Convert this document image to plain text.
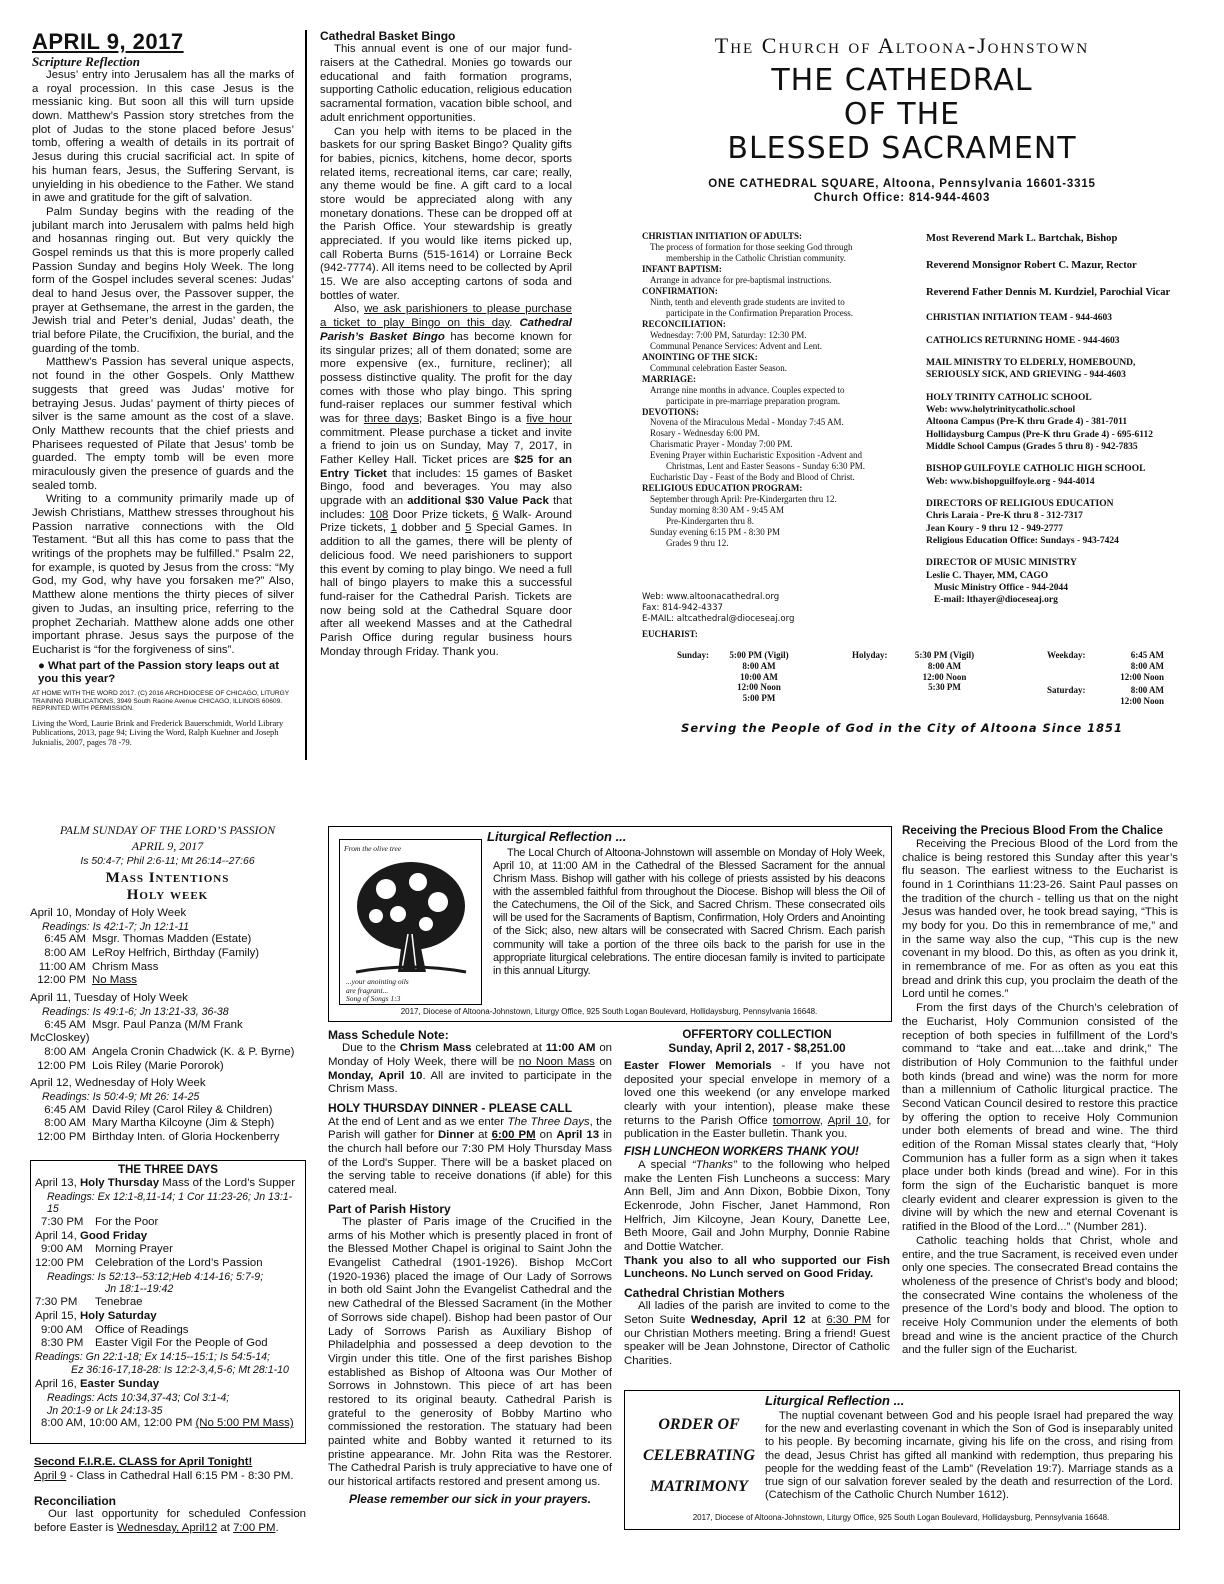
APRIL 9, 2017
Scripture Reflection

Jesus’ entry into Jerusalem has all the marks of a royal procession. In this case Jesus is the messianic king. But soon all this will turn upside down. Matthew’s Passion story stretches from the plot of Judas to the stone placed before Jesus’ tomb, offering a wealth of details in its portrait of Jesus during this crucial sacrificial act. In spite of his human fears, Jesus, the Suffering Servant, is unyielding in his obedience to the Father. We stand in awe and gratitude for the gift of salvation.

Palm Sunday begins with the reading of the jubilant march into Jerusalem with palms held high and hosannas ringing out. But very quickly the Gospel reminds us that this is more properly called Passion Sunday and begins Holy Week. The long form of the Gospel includes several scenes: Judas’ deal to hand Jesus over, the Passover supper, the prayer at Gethsemane, the arrest in the garden, the Jewish trial and Peter’s denial, Judas’ death, the trial before Pilate, the Crucifixion, the burial, and the guarding of the tomb.

Matthew’s Passion has several unique aspects, not found in the other Gospels. Only Matthew suggests that greed was Judas’ motive for betraying Jesus. Judas’ payment of thirty pieces of silver is the same amount as the cost of a slave. Only Matthew recounts that the chief priests and Pharisees requested of Pilate that Jesus’ tomb be guarded. The empty tomb will be even more miraculously given the presence of guards and the sealed tomb.

Writing to a community primarily made up of Jewish Christians, Matthew stresses throughout his Passion narrative connections with the Old Testament. “But all this has come to pass that the writings of the prophets may be fulfilled.” Psalm 22, for example, is quoted by Jesus from the cross: “My God, my God, why have you forsaken me?” Also, Matthew alone mentions the thirty pieces of silver given to Judas, an insulting price, referring to the prophet Zechariah. Matthew alone adds one other important phrase. Jesus says the purpose of the Eucharist is “for the forgiveness of sins”.

● What part of the Passion story leaps out at you this year?
AT HOME WITH THE WORD 2017. (C) 2016 ARCHDIOCESE OF CHICAGO, LITURGY TRAINING PUBLICATIONS, 3949 South Racine Avenue CHICAGO, ILLINOIS 60609. REPRINTED WITH PERMISSION.
Living the Word, Laurie Brink and Frederick Bauerschmidt, World Library Publications, 2013, page 94; Living the Word, Ralph Kuehner and Joseph Juknialis, 2007, pages 78 -79.
Cathedral Basket Bingo

This annual event is one of our major fund-raisers at the Cathedral. Monies go towards our educational and faith formation programs, supporting Catholic education, religious education sacramental formation, vacation bible school, and adult enrichment opportunities.

Can you help with items to be placed in the baskets for our spring Basket Bingo? Quality gifts for babies, picnics, kitchens, home decor, sports related items, recreational items, car care; really, any theme would be fine. A gift card to a local store would be appreciated along with any monetary donations. These can be dropped off at the Parish Office. Your stewardship is greatly appreciated. If you would like items picked up, call Roberta Burns (515-1614) or Lorraine Beck (942-7774). All items need to be collected by April 15. We are also accepting cartons of soda and bottles of water.

Also, we ask parishioners to please purchase a ticket to play Bingo on this day. Cathedral Parish’s Basket Bingo has become known for its singular prizes; all of them donated; some are more expensive (ex., furniture, recliner); all possess distinctive quality. The profit for the day comes with those who play bingo. This spring fund-raiser replaces our summer festival which was for three days; Basket Bingo is a five hour commitment. Please purchase a ticket and invite a friend to join us on Sunday, May 7, 2017, in Father Kelley Hall. Ticket prices are $25 for an Entry Ticket that includes: 15 games of Basket Bingo, food and beverages. You may also upgrade with an additional $30 Value Pack that includes: 108 Door Prize tickets, 6 Walk- Around Prize tickets, 1 dobber and 5 Special Games. In addition to all the games, there will be plenty of delicious food. We need parishioners to support this event by coming to play bingo. We need a full hall of bingo players to make this a successful fund-raiser for the Cathedral Parish. Tickets are now being sold at the Cathedral Square door after all weekend Masses and at the Cathedral Parish Office during regular business hours Monday through Friday. Thank you.

The Church of Altoona-Johnstown
THE CATHEDRAL
OF THE
BLESSED SACRAMENT
ONE CATHEDRAL SQUARE, Altoona, Pennsylvania 16601-3315
Church Office: 814-944-4603
CHRISTIAN INITIATION OF ADULTS:
The process of formation for those seeking God through
membership in the Catholic Christian community.
INFANT BAPTISM:
Arrange in advance for pre-baptismal instructions.
CONFIRMATION:
Ninth, tenth and eleventh grade students are invited to
participate in the Confirmation Preparation Process.
RECONCILIATION:
Wednesday: 7:00 PM, Saturday: 12:30 PM.
Communal Penance Services: Advent and Lent.
ANOINTING OF THE SICK:
Communal celebration Easter Season.
MARRIAGE:
Arrange nine months in advance. Couples expected to
participate in pre-marriage preparation program.
DEVOTIONS:
Novena of the Miraculous Medal - Monday 7:45 AM.
Rosary - Wednesday 6:00 PM.
Charismatic Prayer - Monday 7:00 PM.
Evening Prayer within Eucharistic Exposition -Advent and
Christmas, Lent and Easter Seasons - Sunday 6:30 PM.
Eucharistic Day - Feast of the Body and Blood of Christ.
RELIGIOUS EDUCATION PROGRAM:
September through April: Pre-Kindergarten thru 12.
Sunday morning 8:30 AM - 9:45 AM
Pre-Kindergarten thru 8.
Sunday evening 6:15 PM - 8:30 PM
Grades 9 thru 12.
Web: www.altoonacathedral.org
Fax: 814-942-4337
E-MAIL: altcathedral@dioceseaj.org
EUCHARIST:
Sunday:	5:00 PM (Vigil)
8:00 AM
10:00 AM
12:00 Noon
5:00 PM
Holyday:	5:30 PM (Vigil)
8:00 AM
12:00 Noon
5:30 PM
Weekday:
Saturday:
6:45 AM
8:00 AM
12:00 Noon
8:00 AM
12:00 Noon
Serving the People of God in the City of Altoona Since 1851
Most Reverend Mark L. Bartchak, Bishop
Reverend Monsignor Robert C. Mazur, Rector
Reverend Father Dennis M. Kurdziel, Parochial Vicar
CHRISTIAN INITIATION TEAM - 944-4603
CATHOLICS RETURNING HOME - 944-4603
MAIL MINISTRY TO ELDERLY, HOMEBOUND,
SERIOUSLY SICK, AND GRIEVING - 944-4603
HOLY TRINITY CATHOLIC SCHOOL
Web: www.holytrinitycatholic.school
Altoona Campus (Pre-K thru Grade 4) - 381-7011
Hollidaysburg Campus (Pre-K thru Grade 4) - 695-6112
Middle School Campus (Grades 5 thru 8) - 942-7835
BISHOP GUILFOYLE CATHOLIC HIGH SCHOOL
Web: www.bishopguilfoyle.org - 944-4014
DIRECTORS OF RELIGIOUS EDUCATION
Chris Laraia - Pre-K thru 8 - 312-7317
Jean Koury - 9 thru 12 - 949-2777
Religious Education Office: Sundays - 943-7424
DIRECTOR OF MUSIC MINISTRY
Leslie C. Thayer, MM, CAGO
Music Ministry Office - 944-2044
E-mail: lthayer@dioceseaj.org
PALM SUNDAY OF THE LORD’S PASSION
APRIL 9, 2017
Is 50:4-7; Phil 2:6-11; Mt 26:14--27:66
Mass Intentions
Holy week
April 10, Monday of Holy Week
Readings: Is 42:1-7; Jn 12:1-11
6:45 AM Msgr. Thomas Madden (Estate)
8:00 AM LeRoy Helfrich, Birthday (Family)
11:00 AM Chrism Mass
12:00 PM No Mass
April 11, Tuesday of Holy Week
Readings: Is 49:1-6; Jn 13:21-33, 36-38
6:45 AM Msgr. Paul Panza (M/M Frank McCloskey)
8:00 AM Angela Cronin Chadwick (K. & P. Byrne)
12:00 PM Lois Riley (Marie Pororok)
April 12, Wednesday of Holy Week
Readings: Is 50:4-9; Mt 26: 14-25
6:45 AM David Riley (Carol Riley & Children)
8:00 AM Mary Martha Kilcoyne (Jim & Steph)
12:00 PM Birthday Inten. of Gloria Hockenberry
THE THREE DAYS
April 13, Holy Thursday Mass of the Lord’s Supper
Readings: Ex 12:1-8,11-14; 1 Cor 11:23-26; Jn 13:1-15
7:30 PM For the Poor
April 14, Good Friday
9:00 AM Morning Prayer
12:00 PM Celebration of the Lord’s Passion
Readings: Is 52:13--53:12;Heb 4:14-16; 5:7-9;
Jn 18:1--19:42
7:30 PM Tenebrae
April 15, Holy Saturday
9:00 AM Office of Readings
8:30 PM Easter Vigil For the People of God
Readings: Gn 22:1-18; Ex 14:15--15:1; Is 54:5-14;
Ez 36:16-17,18-28: Is 12:2-3,4,5-6; Mt 28:1-10
April 16, Easter Sunday
Readings: Acts 10:34,37-43; Col 3:1-4;
Jn 20:1-9 or Lk 24:13-35
8:00 AM, 10:00 AM, 12:00 PM (No 5:00 PM Mass)
Second F.I.R.E. CLASS for April Tonight!
April 9 - Class in Cathedral Hall 6:15 PM - 8:30 PM.
Reconciliation

Our last opportunity for scheduled Confession before Easter is Wednesday, April12 at 7:00 PM.

From the olive tree
...your anointing oils
are fragrant...
Song of Songs 1:3
Liturgical Reflection ...

The Local Church of Altoona-Johnstown will assemble on Monday of Holy Week, April 10, at 11:00 AM in the Cathedral of the Blessed Sacrament for the annual Chrism Mass. Bishop will gather with his college of priests assisted by his deacons with the assembled faithful from throughout the Diocese. Bishop will bless the Oil of the Catechumens, the Oil of the Sick, and Sacred Chrism. These consecrated oils will be used for the Sacraments of Baptism, Confirmation, Holy Orders and Anointing of the Sick; also, new altars will be consecrated with Sacred Chrism. Each parish community will take a portion of the three oils back to the parish for use in the appropriate liturgical celebrations. The entire diocesan family is invited to participate in this annual Liturgy.

2017, Diocese of Altoona-Johnstown, Liturgy Office, 925 South Logan Boulevard, Hollidaysburg, Pennsylvania 16648.
Mass Schedule Note:

Due to the Chrism Mass celebrated at 11:00 AM on Monday of Holy Week, there will be no Noon Mass on Monday, April 10. All are invited to participate in the Chrism Mass.

HOLY THURSDAY DINNER - PLEASE CALL

At the end of Lent and as we enter The Three Days, the Parish will gather for Dinner at 6:00 PM on April 13 in the church hall before our 7:30 PM Holy Thursday Mass of the Lord's Supper. There will be a basket placed on the serving table to receive donations (if able) for this catered meal.

Part of Parish History

The plaster of Paris image of the Crucified in the arms of his Mother which is presently placed in front of the Blessed Mother Chapel is original to Saint John the Evangelist Cathedral (1901-1926). Bishop McCort (1920-1936) placed the image of Our Lady of Sorrows in both old Saint John the Evangelist Cathedral and the new Cathedral of the Blessed Sacrament (in the Mother of Sorrows side chapel). Bishop had been pastor of Our Lady of Sorrows Parish as Auxiliary Bishop of Philadelphia and possessed a deep devotion to the Virgin under this title. One of the first parishes Bishop established as Bishop of Altoona was Our Mother of Sorrows in Johnstown. This piece of art has been restored to its original beauty. Cathedral Parish is grateful to the generosity of Bobby Martino who commissioned the restoration. The statuary had been painted white and Bobby wanted it returned to its pristine appearance. Mr. John Rita was the Restorer. The Cathedral Parish is truly appreciative to have one of our historical artifacts restored and present among us.

Please remember our sick in your prayers.
OFFERTORY COLLECTION
Sunday, April 2, 2017 - $8,251.00

Easter Flower Memorials - If you have not deposited your special envelope in memory of a loved one this weekend (or any envelope marked clearly with your intention), please make these returns to the Parish Office tomorrow, April 10, for publication in the Easter bulletin. Thank you.

FISH LUNCHEON WORKERS THANK YOU!

A special “Thanks” to the following who helped make the Lenten Fish Luncheons a success: Mary Ann Bell, Jim and Ann Dixon, Bobbie Dixon, Tony Eckenrode, John Fischer, Janet Hammond, Ron Helfrich, Jim Kilcoyne, Jean Koury, Danette Lee, Beth Moore, Gail and John Murphy, Donnie Rabine and Dottie Watcher.

Thank you also to all who supported our Fish Luncheons. No Lunch served on Good Friday.

Cathedral Christian Mothers

All ladies of the parish are invited to come to the Seton Suite Wednesday, April 12 at 6:30 PM for our Christian Mothers meeting. Bring a friend! Guest speaker will be Jean Johnstone, Director of Catholic Charities.

Receiving the Precious Blood From the Chalice

Receiving the Precious Blood of the Lord from the chalice is being restored this Sunday after this year’s flu season. The earliest witness to the Eucharist is found in 1 Corinthians 11:23-26. Saint Paul passes on the tradition of the church - telling us that on the night Jesus was handed over, he took bread saying, “This is my body for you. Do this in remembrance of me,” and in the same way also the cup, “This cup is the new covenant in my blood. Do this, as often as you drink it, in remembrance of me. For as often as you eat this bread and drink this cup, you proclaim the death of the Lord until he comes.”

From the first days of the Church’s celebration of the Eucharist, Holy Communion consisted of the reception of both species in fulfillment of the Lord’s command to “take and eat....take and drink,” The distribution of Holy Communion to the faithful under both kinds (bread and wine) was the norm for more than a millennium of Catholic liturgical practice. The Second Vatican Council desired to restore this practice by offering the option to receive Holy Communion under both elements of bread and wine. The third edition of the Roman Missal states clearly that, “Holy Communion has a fuller form as a sign when it takes place under both kinds (bread and wine). For in this form the sign of the Eucharistic banquet is more clearly evident and clearer expression is given to the divine will by which the new and eternal Covenant is ratified in the Blood of the Lord...” (Number 281).

Catholic teaching holds that Christ, whole and entire, and the true Sacrament, is received even under only one species. The consecrated Bread contains the wholeness of the presence of Christ’s body and blood; the consecrated Wine contains the wholeness of the presence of the Lord’s body and blood. The option to receive Holy Communion under the elements of both bread and wine is the ancient practice of the Church and the fuller sign of the Eucharist.

ORDER OF
CELEBRATING
MATRIMONY
Liturgical Reflection ...

The nuptial covenant between God and his people Israel had prepared the way for the new and everlasting covenant in which the Son of God is inseparably united to his people. By becoming incarnate, giving his life on the cross, and rising from the dead, Jesus Christ has gifted all mankind with redemption, thus preparing his people for the wedding feast of the Lamb” (Revelation 19:7). Marriage stands as a true sign of our salvation forever sealed by the death and resurrection of the Lord. (Catechism of the Catholic Church Number 1612).

2017, Diocese of Altoona-Johnstown, Liturgy Office, 925 South Logan Boulevard, Hollidaysburg, Pennsylvania 16648.
